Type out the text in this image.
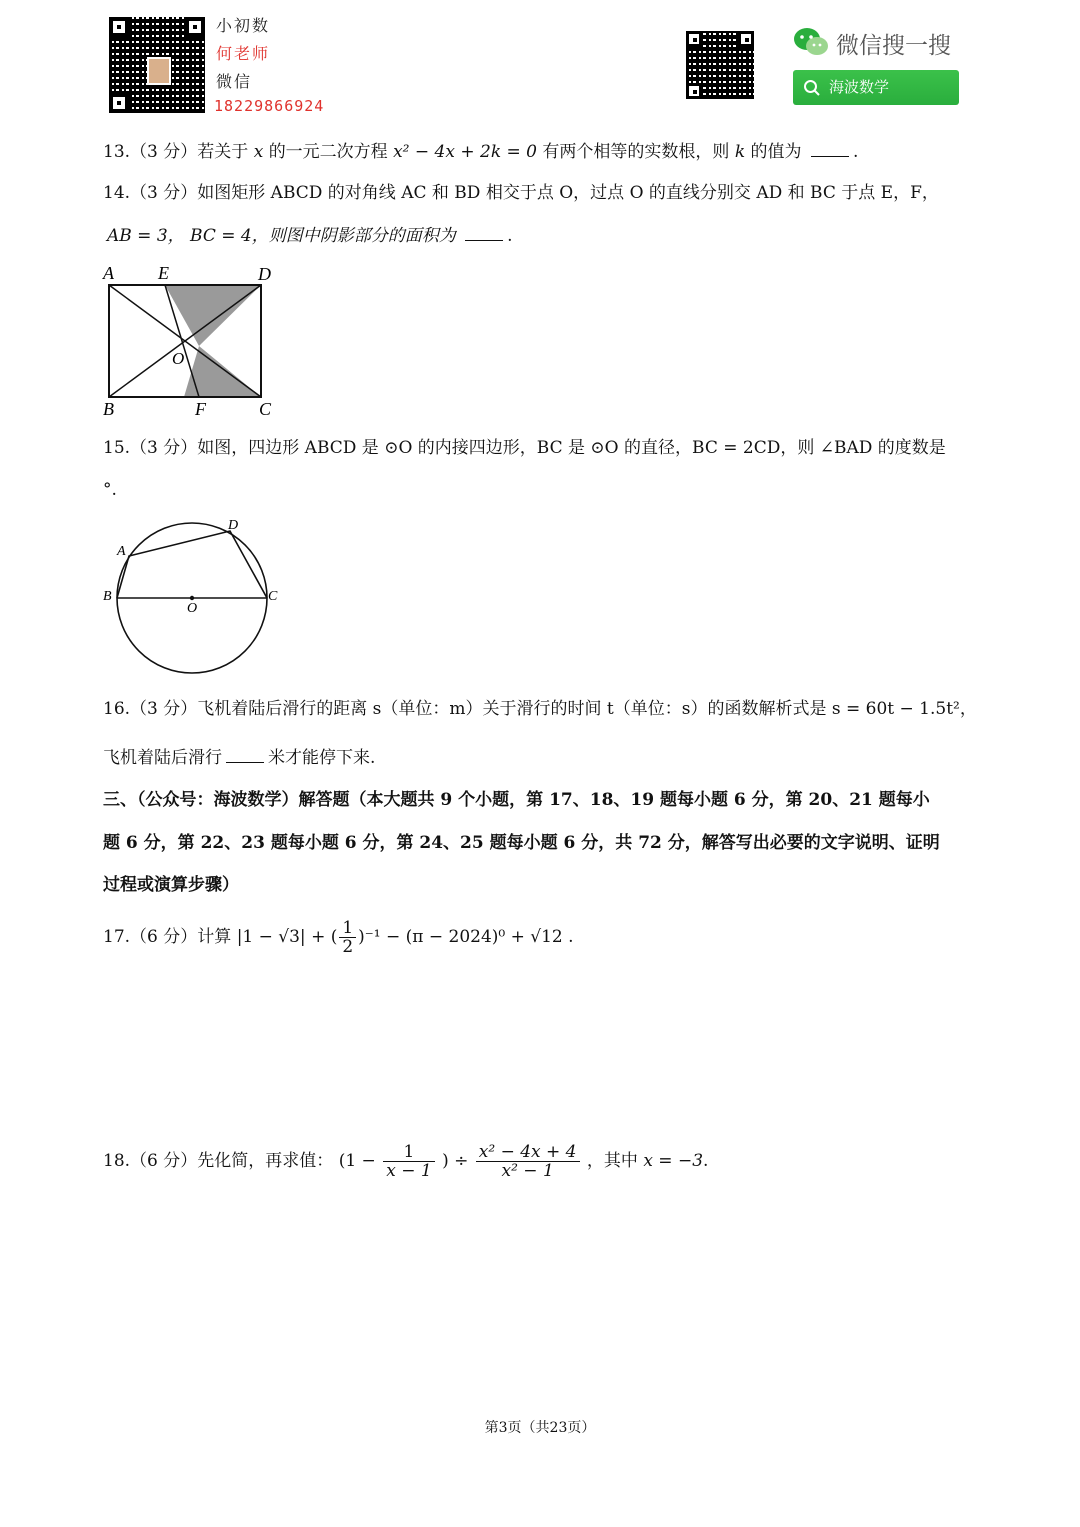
小初数
何老师
微信
18229866924
微信搜一搜
海波数学
13.（3 分）若关于 x 的一元二次方程 x² − 4x + 2k = 0 有两个相等的实数根，则 k 的值为	.
14.（3 分）如图矩形 ABCD 的对角线 AC 和 BD 相交于点 O，过点 O 的直线分别交 AD 和 BC 于点 E，F，
AB = 3， BC = 4，则图中阴影部分的面积为	.
A E	D
O
B	F	C
15.（3 分）如图，四边形 ABCD 是 ⊙O 的内接四边形，BC 是 ⊙O 的直径，BC = 2CD，则 ∠BAD 的度数是
°.
A
D
B
O
C
16.（3 分）飞机着陆后滑行的距离 s（单位：m）关于滑行的时间 t（单位：s）的函数解析式是 s = 60t − 1.5t²，
飞机着陆后滑行	米才能停下来.
三、（公众号：海波数学）解答题（本大题共 9 个小题，第 17、18、19 题每小题 6 分，第 20、21 题每小
题 6 分，第 22、23 题每小题 6 分，第 24、25 题每小题 6 分，共 72 分，解答写出必要的文字说明、证明
过程或演算步骤）
17.（6 分）计算 |1 − √3| + ( $\frac{1}{2} )^{-1} - (\pi - 2024)^0 + √12$ .
18.（6 分）先化简，再求值： ($1 - \frac{1}{x - 1}$ ) ÷ $\frac{\text{x² − 4x + 4}}{\text{x² − 1}}$ ，其中 x = −3.
第3页（共23页）
